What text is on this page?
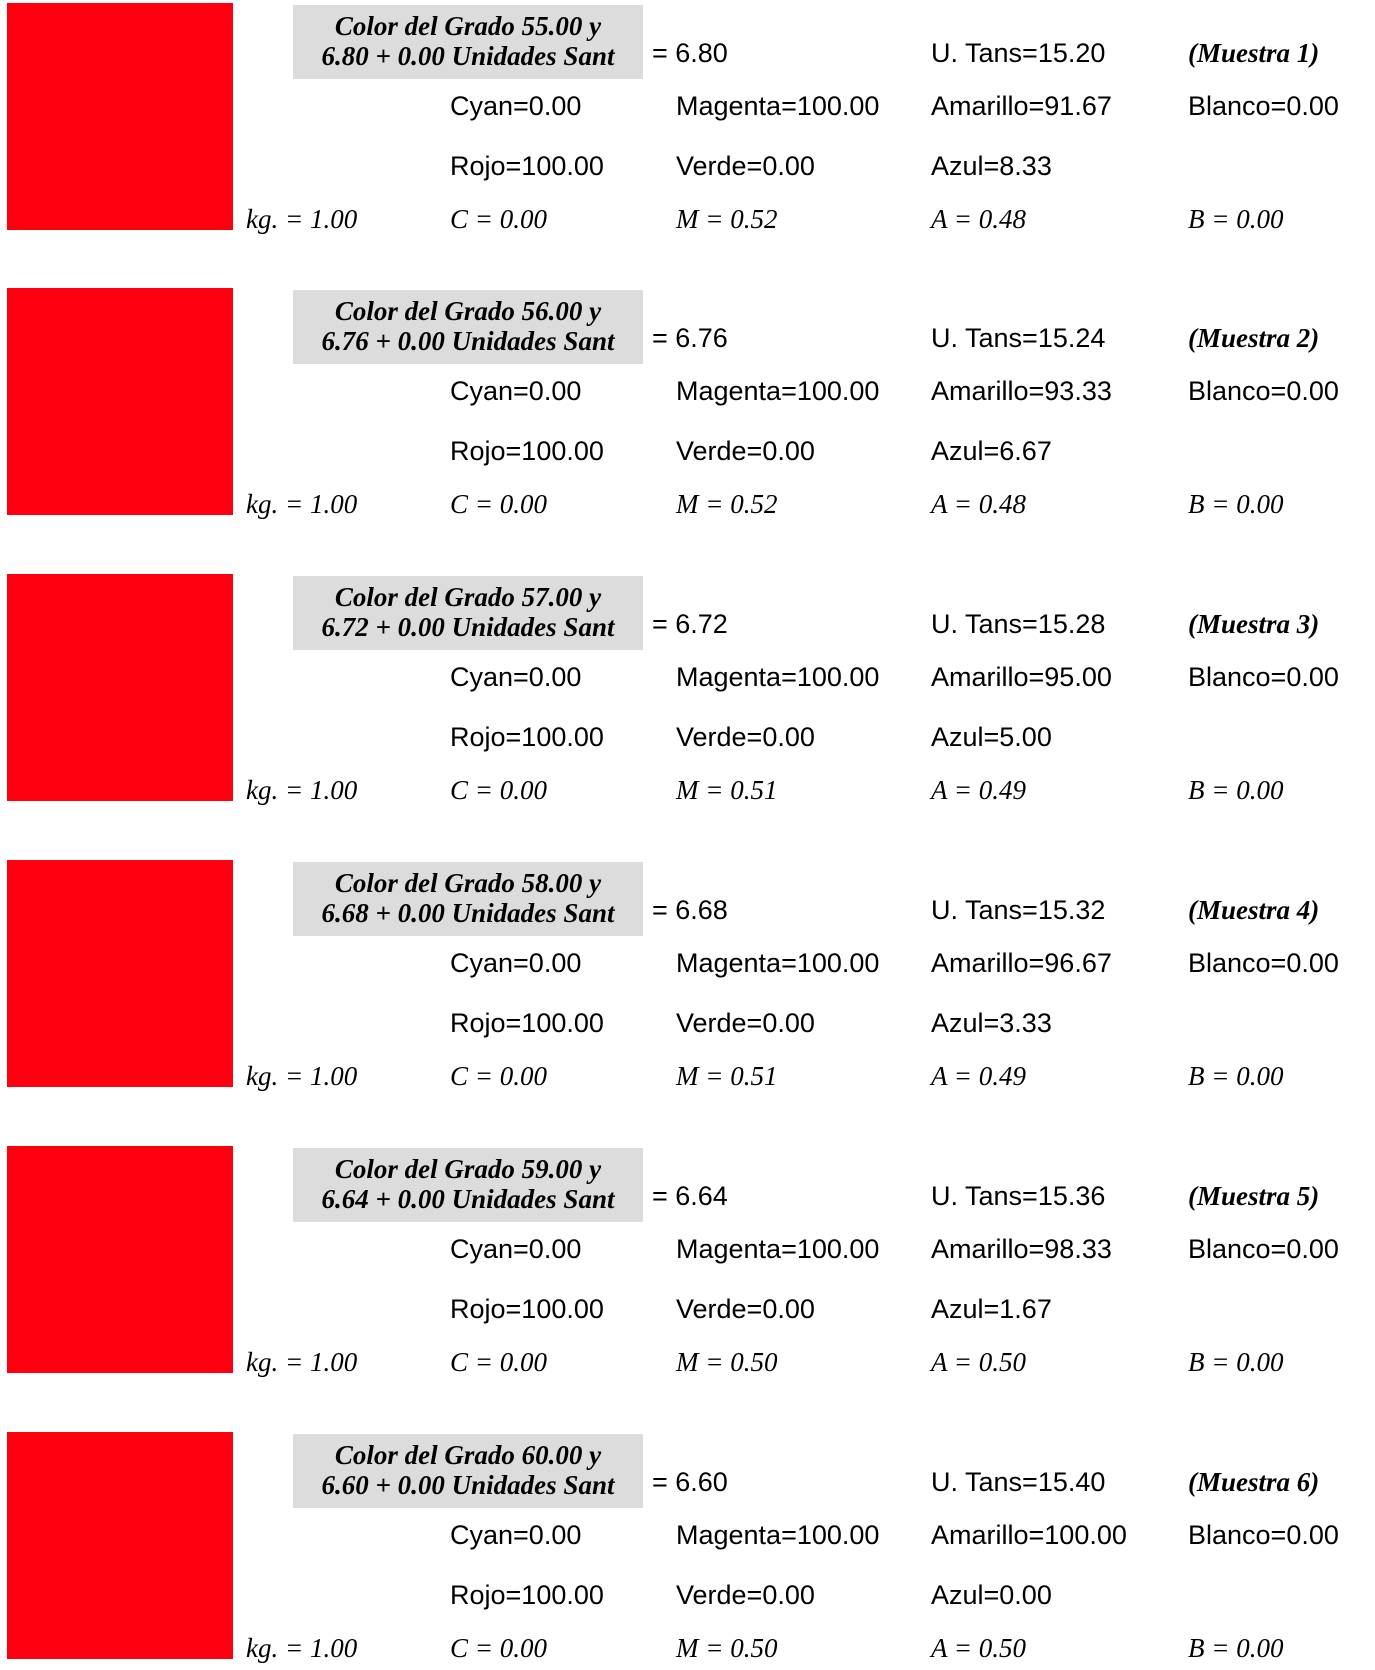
Color del Grado 55.00 y
6.80 + 0.00 Unidades Sant	= 6.80	U. Tans=15.20	(Muestra 1)
Cyan=0.00	Magenta=100.00 Amarillo=91.67	Blanco=0.00
Rojo=100.00	Verde=0.00	Azul=8.33
kg. = 1.00	C = 0.00	M = 0.52	A = 0.48	B = 0.00
Color del Grado 56.00 y
6.76 + 0.00 Unidades Sant	= 6.76	U. Tans=15.24	(Muestra 2)
Cyan=0.00	Magenta=100.00 Amarillo=93.33	Blanco=0.00
Rojo=100.00	Verde=0.00	Azul=6.67
kg. = 1.00	C = 0.00	M = 0.52	A = 0.48	B = 0.00
Color del Grado 57.00 y
6.72 + 0.00 Unidades Sant	= 6.72	U. Tans=15.28	(Muestra 3)
Cyan=0.00	Magenta=100.00 Amarillo=95.00	Blanco=0.00
Rojo=100.00	Verde=0.00	Azul=5.00
kg. = 1.00	C = 0.00	M = 0.51	A = 0.49	B = 0.00
Color del Grado 58.00 y
6.68 + 0.00 Unidades Sant	= 6.68	U. Tans=15.32	(Muestra 4)
Cyan=0.00	Magenta=100.00 Amarillo=96.67	Blanco=0.00
Rojo=100.00	Verde=0.00	Azul=3.33
kg. = 1.00	C = 0.00	M = 0.51	A = 0.49	B = 0.00
Color del Grado 59.00 y
6.64 + 0.00 Unidades Sant	= 6.64	U. Tans=15.36	(Muestra 5)
Cyan=0.00	Magenta=100.00 Amarillo=98.33	Blanco=0.00
Rojo=100.00	Verde=0.00	Azul=1.67
kg. = 1.00	C = 0.00	M = 0.50	A = 0.50	B = 0.00
Color del Grado 60.00 y
6.60 + 0.00 Unidades Sant	= 6.60	U. Tans=15.40	(Muestra 6)
Cyan=0.00	Magenta=100.00 Amarillo=100.00 Blanco=0.00
Rojo=100.00	Verde=0.00	Azul=0.00
kg. = 1.00	C = 0.00	M = 0.50	A = 0.50	B = 0.00
